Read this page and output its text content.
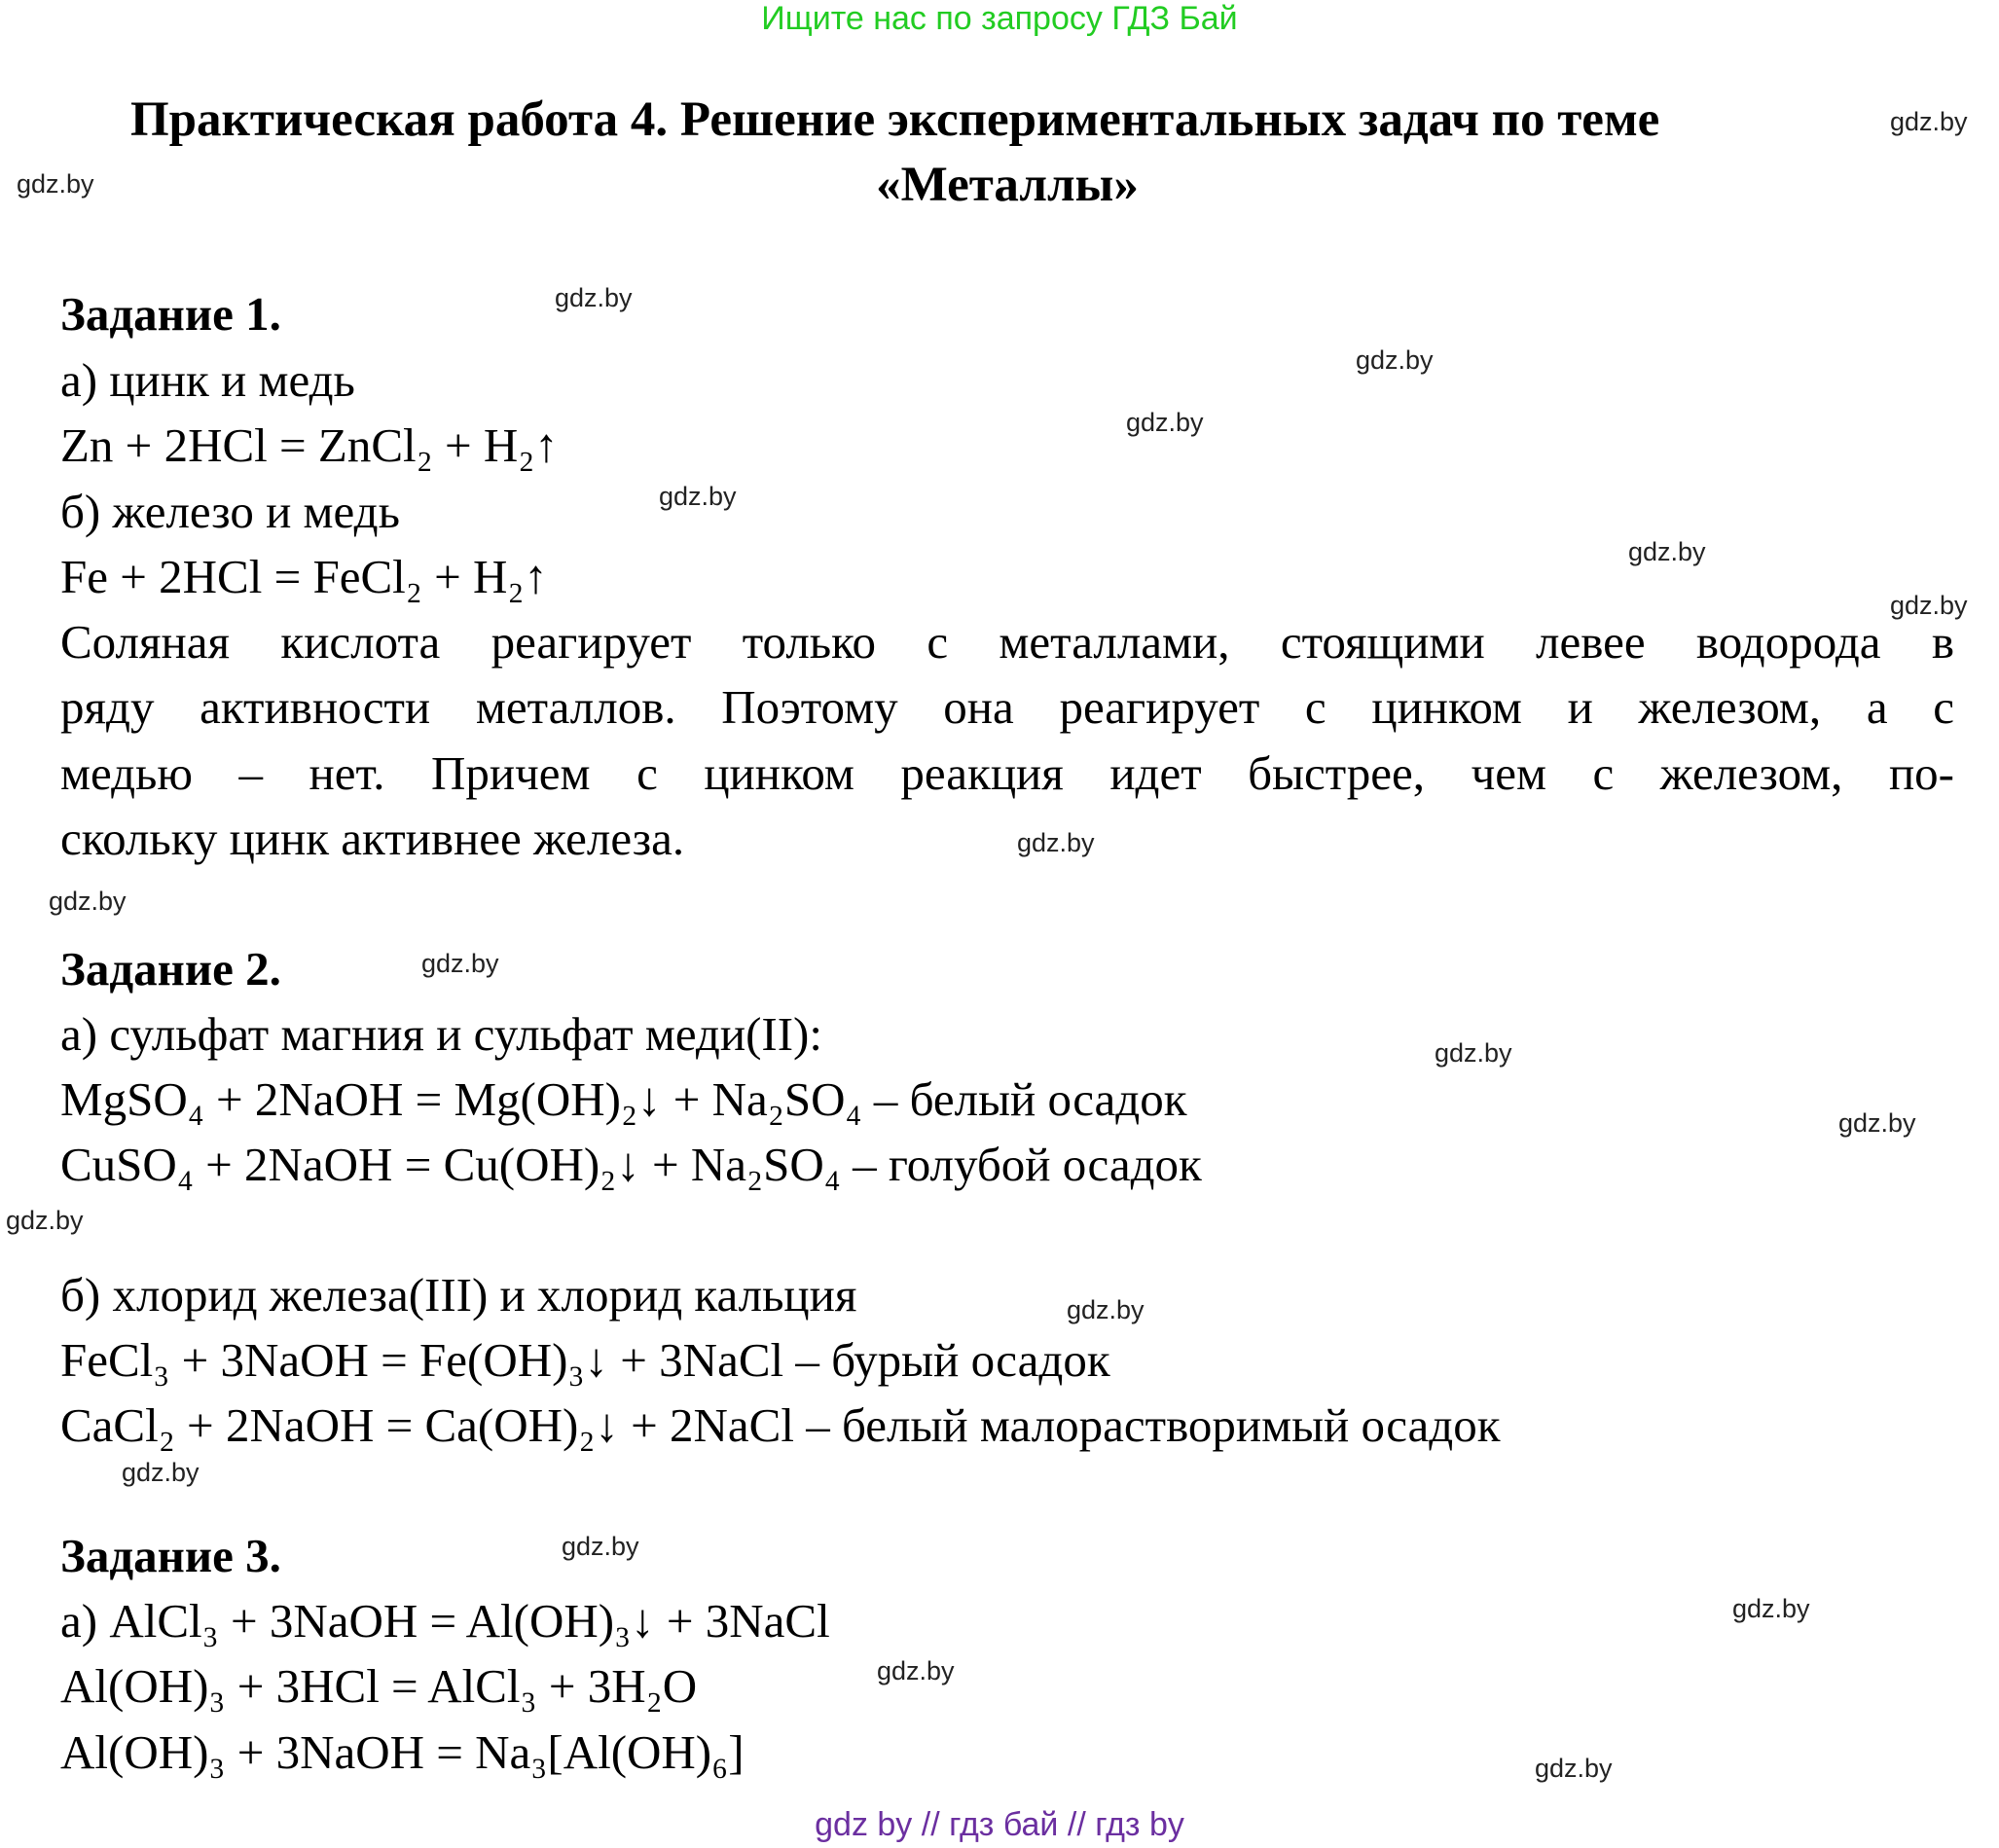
Ищите нас по запросу ГДЗ Бай
Практическая работа 4. Решение экспериментальных задач по теме
«Металлы»
Задание 1.
а) цинк и медь
Zn + 2HCl = ZnCl₂ + H₂↑
б) железо и медь
Fe + 2HCl = FeCl₂ + H₂↑
Соляная кислота реагирует только с металлами, стоящими левее водорода в
ряду активности металлов. Поэтому она реагирует с цинком и железом, а с
медью – нет. Причем с цинком реакция идет быстрее, чем с железом, по-
скольку цинк активнее железа.
Задание 2.
а) сульфат магния и сульфат меди(II):
MgSO₄ + 2NaOH = Mg(OH)₂↓ + Na₂SO₄ – белый осадок
CuSO₄ + 2NaOH = Cu(OH)₂↓ + Na₂SO₄ – голубой осадок
б) хлорид железа(III) и хлорид кальция
FeCl₃ + 3NaOH = Fe(OH)₃↓ + 3NaCl – бурый осадок
CaCl₂ + 2NaOH = Ca(OH)₂↓ + 2NaCl – белый малорастворимый осадок
Задание 3.
а) AlCl₃ + 3NaOH = Al(OH)₃↓ + 3NaCl
Al(OH)₃ + 3HCl = AlCl₃ + 3H₂O
Al(OH)₃ + 3NaOH = Na₃[Al(OH)₆]
gdz.by
gdz.by
gdz.by
gdz.by
gdz.by
gdz.by
gdz.by
gdz.by
gdz.by
gdz.by
gdz.by
gdz.by
gdz.by
gdz.by
gdz.by
gdz.by
gdz.by
gdz.by
gdz.by
gdz.by
gdz by // гдз бай // гдз by
